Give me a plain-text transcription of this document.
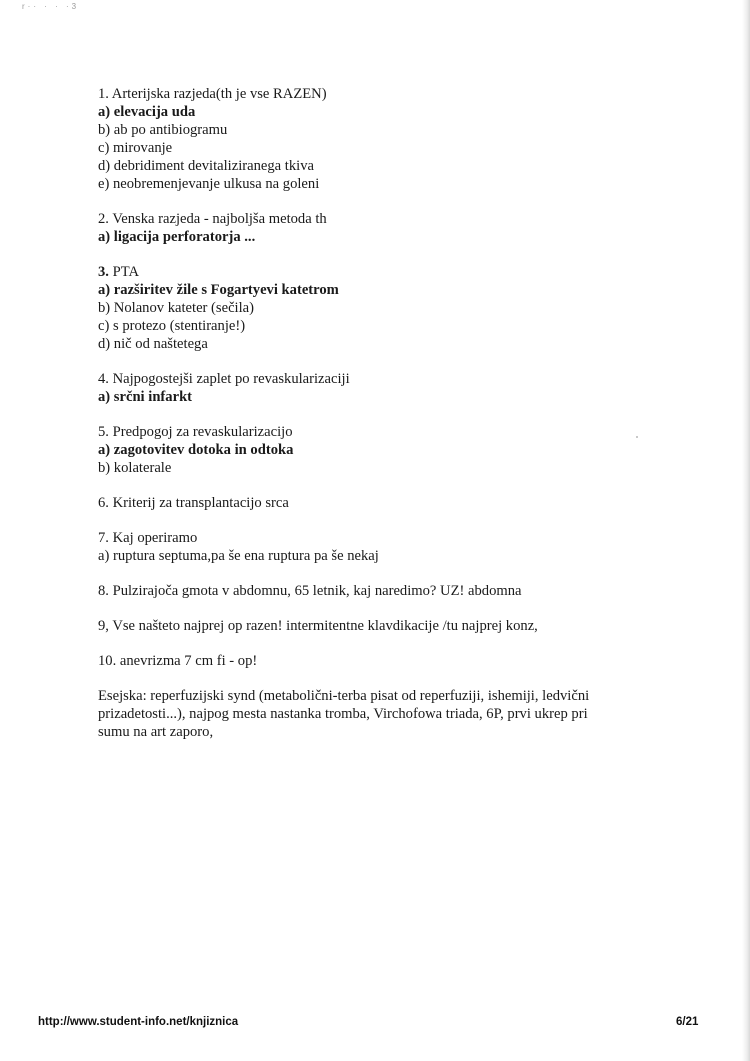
r·· · · ·3
1. Arterijska razjeda(th je vse RAZEN)
a) elevacija uda
b) ab po antibiogramu
c) mirovanje
d) debridiment devitaliziranega tkiva
e) neobremenjevanje ulkusa na goleni
2. Venska razjeda - najboljša metoda th
a) ligacija perforatorja ...
3. PTA
a) razširitev žile s Fogartyevi katetrom
b) Nolanov kateter (sečila)
c) s protezo (stentiranje!)
d) nič od naštetega
4. Najpogostejši zaplet po revaskularizaciji
a) srčni infarkt
5. Predpogoj za revaskularizacijo
a) zagotovitev dotoka in odtoka
b) kolaterale
6. Kriterij za transplantacijo srca
7. Kaj operiramo
a) ruptura septuma,pa še ena ruptura pa še nekaj
8. Pulzirajoča gmota v abdomnu, 65 letnik, kaj naredimo? UZ! abdomna
9, Vse našteto najprej op razen! intermitentne klavdikacije /tu najprej konz,
10. anevrizma 7 cm fi - op!
Esejska: reperfuzijski synd (metabolični-terba pisat od reperfuziji, ishemiji, ledvični
prizadetosti...), najpog mesta nastanka tromba, Virchofowa triada, 6P, prvi ukrep pri
sumu na art zaporo,
http://www.student-info.net/knjiznica	6/21
